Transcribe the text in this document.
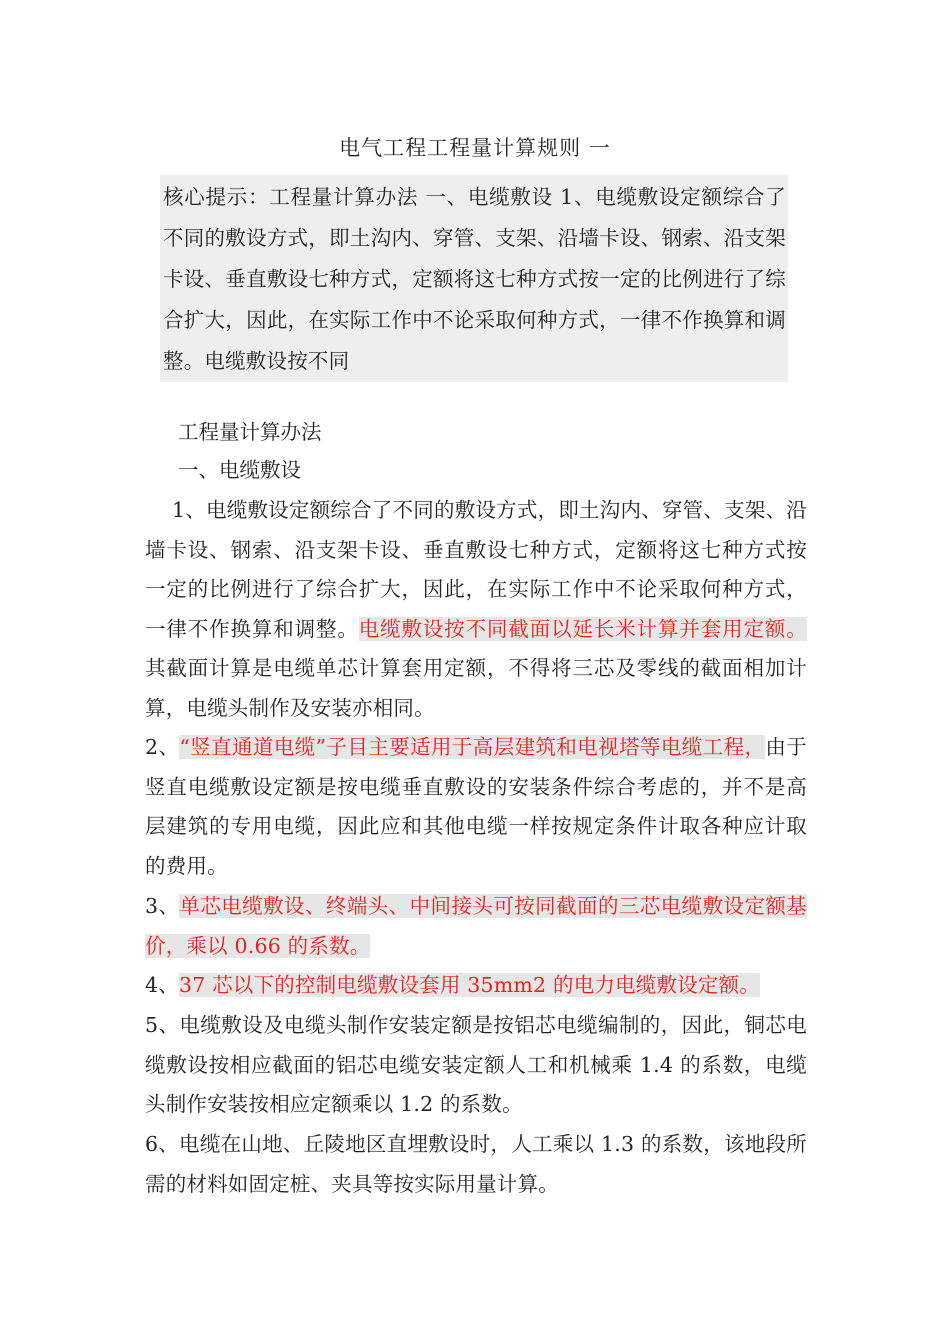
电气工程工程量计算规则 一
核心提示：工程量计算办法 一、电缆敷设 1、电缆敷设定额综合了不同的敷设方式，即土沟内、穿管、支架、沿墙卡设、钢索、沿支架卡设、垂直敷设七种方式，定额将这七种方式按一定的比例进行了综合扩大，因此，在实际工作中不论采取何种方式，一律不作换算和调整。电缆敷设按不同
工程量计算办法
一、电缆敷设
1、电缆敷设定额综合了不同的敷设方式，即土沟内、穿管、支架、沿墙卡设、钢索、沿支架卡设、垂直敷设七种方式，定额将这七种方式按一定的比例进行了综合扩大，因此，在实际工作中不论采取何种方式，一律不作换算和调整。电缆敷设按不同截面以延长米计算并套用定额。其截面计算是电缆单芯计算套用定额，不得将三芯及零线的截面相加计算，电缆头制作及安装亦相同。
2、“竖直通道电缆”子目主要适用于高层建筑和电视塔等电缆工程，由于竖直电缆敷设定额是按电缆垂直敷设的安装条件综合考虑的，并不是高层建筑的专用电缆，因此应和其他电缆一样按规定条件计取各种应计取的费用。
3、单芯电缆敷设、终端头、中间接头可按同截面的三芯电缆敷设定额基价，乘以 0.66 的系数。
4、37 芯以下的控制电缆敷设套用 35mm2 的电力电缆敷设定额。
5、电缆敷设及电缆头制作安装定额是按铝芯电缆编制的，因此，铜芯电缆敷设按相应截面的铝芯电缆安装定额人工和机械乘 1.4 的系数，电缆头制作安装按相应定额乘以 1.2 的系数。
6、电缆在山地、丘陵地区直埋敷设时，人工乘以 1.3 的系数，该地段所需的材料如固定桩、夹具等按实际用量计算。
